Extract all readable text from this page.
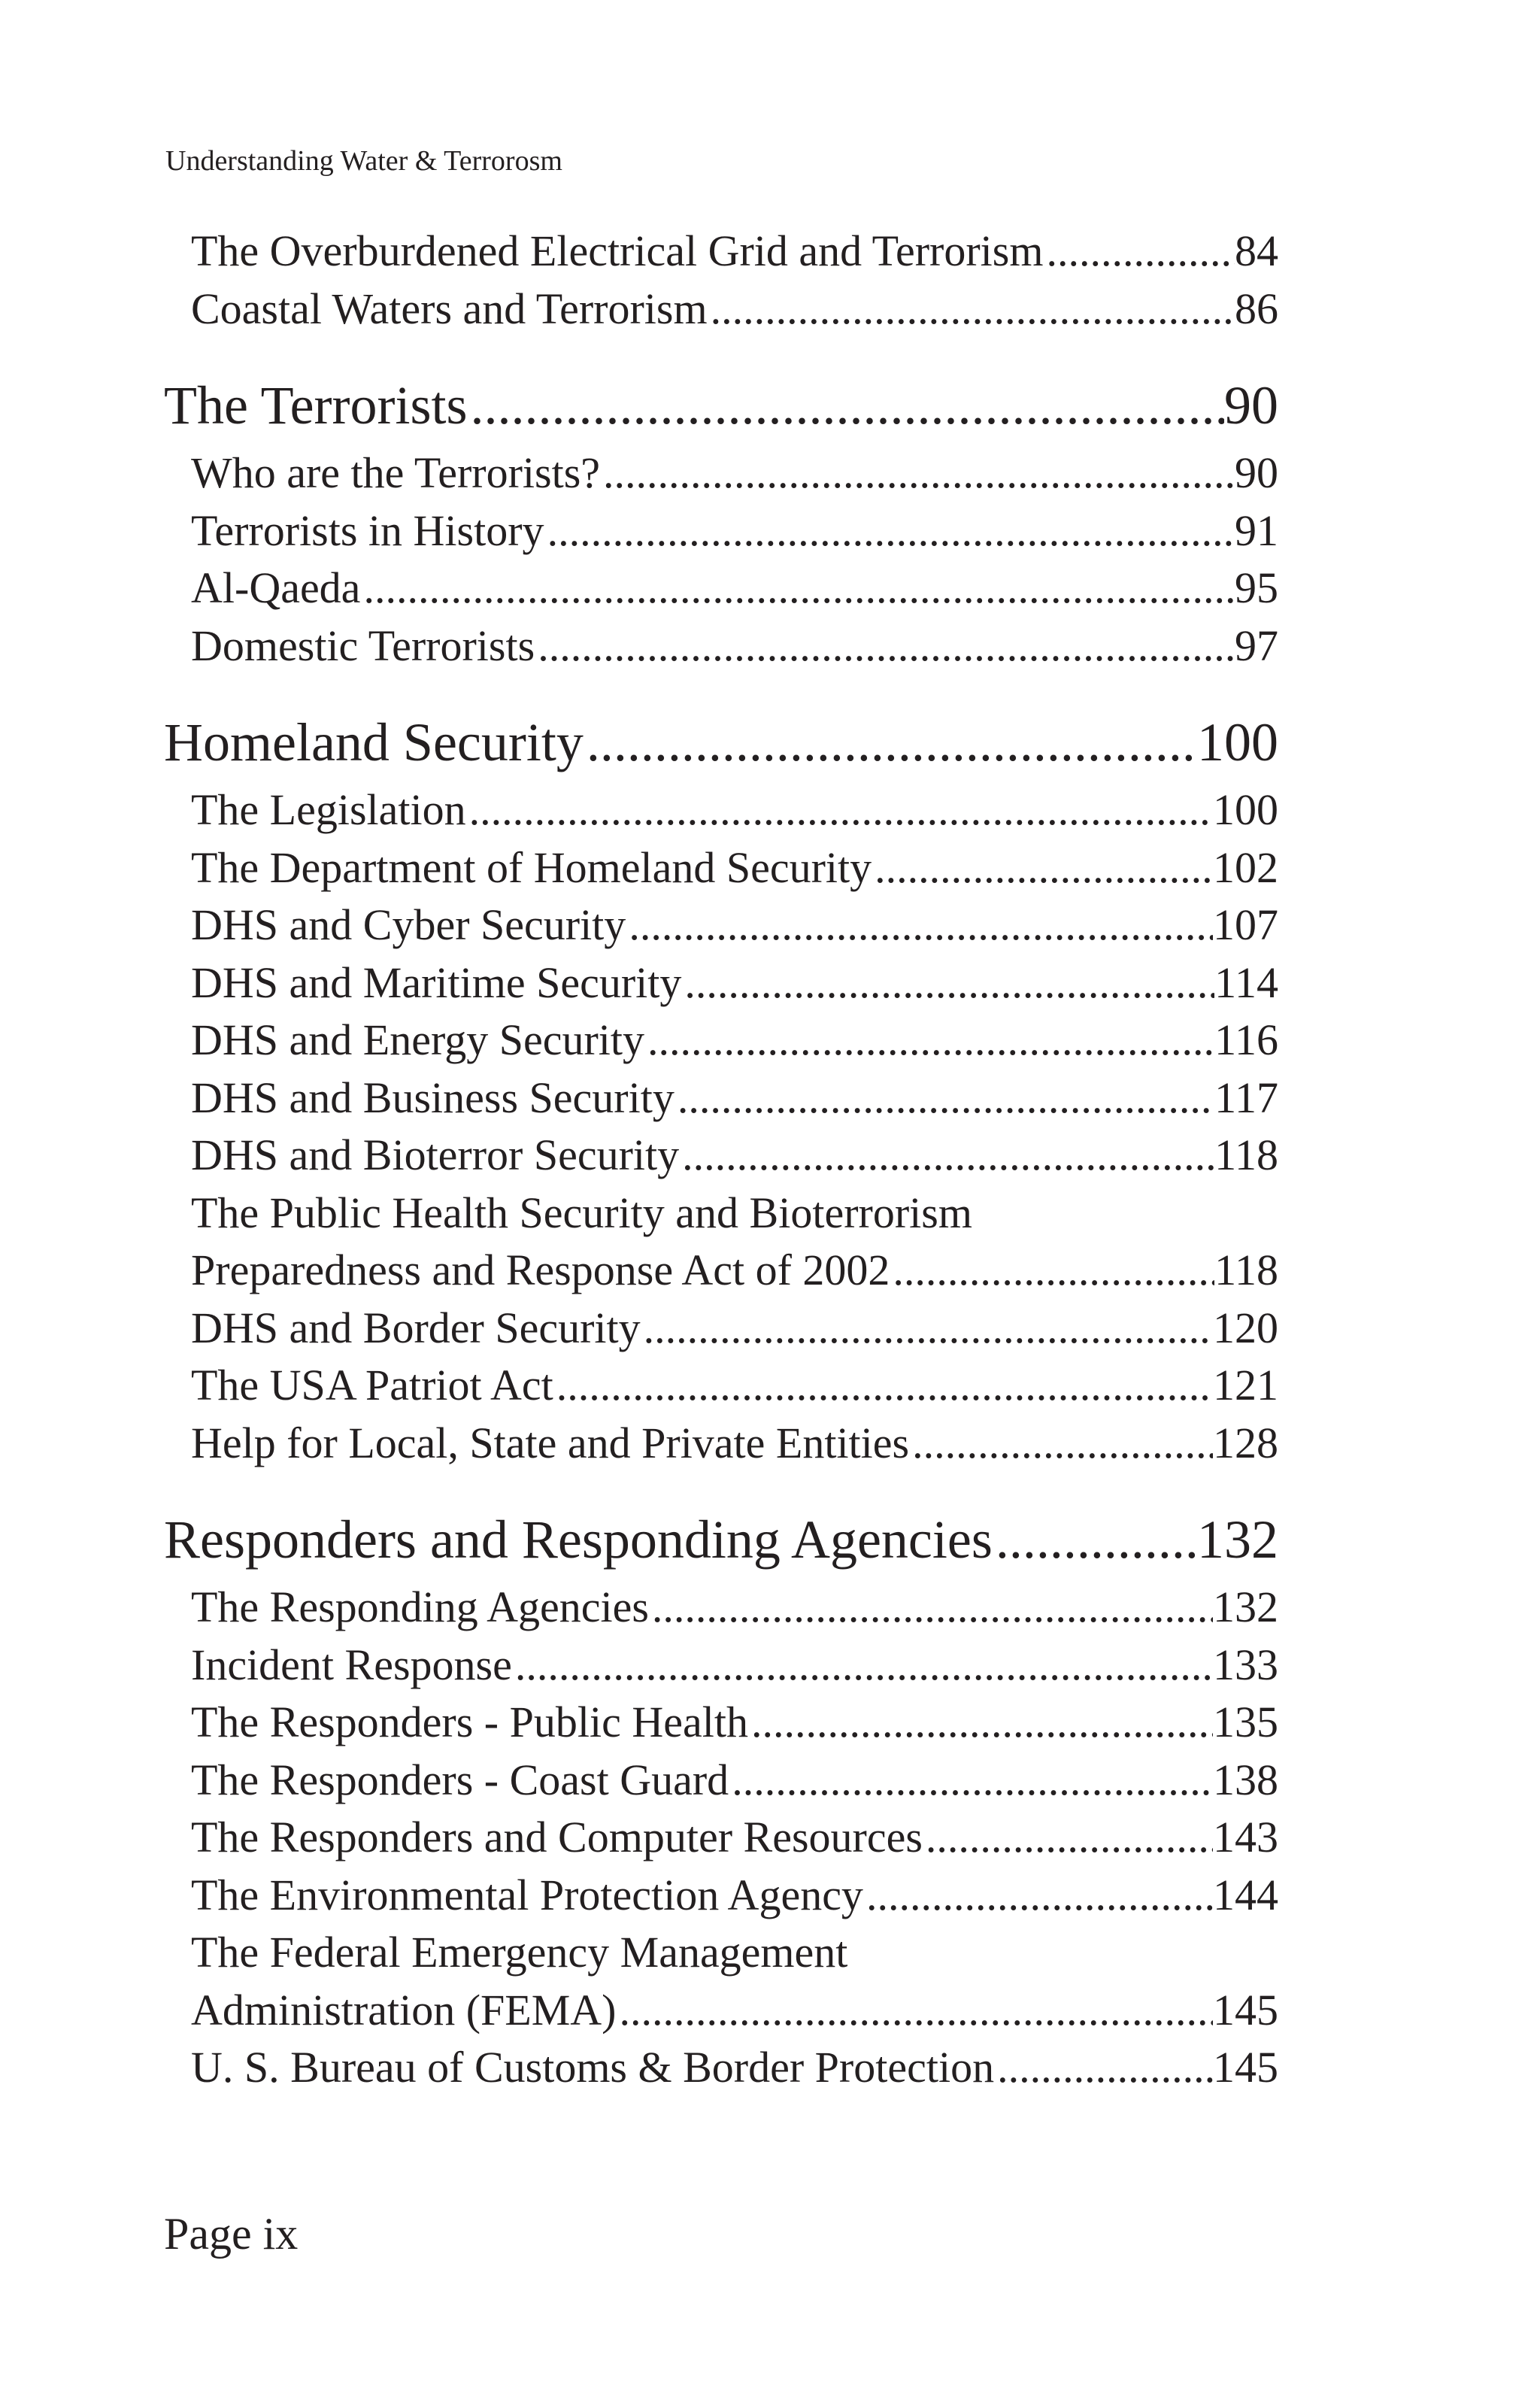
Understanding Water & Terrorosm
The Overburdened Electrical Grid and Terrorism .....	84
Coastal Waters and Terrorism .....	86
The Terrorists .....	90
Who are the Terrorists? .....	90
Terrorists in History .....	91
Al-Qaeda .....	95
Domestic Terrorists .....	97
Homeland Security .....	100
The Legislation .....	100
The Department of Homeland Security .....	102
DHS and Cyber Security .....	107
DHS and Maritime Security .....	114
DHS and Energy Security .....	116
DHS and Business Security .....	117
DHS and Bioterror Security .....	118
The Public Health Security and Bioterrorism
Preparedness and Response Act of 2002 .....	118
DHS and Border Security .....	120
The USA Patriot Act .....	121
Help for Local, State and Private Entities .....	128
Responders and Responding Agencies .....	132
The Responding Agencies .....	132
Incident Response .....	133
The Responders - Public Health .....	135
The Responders - Coast Guard .....	138
The Responders and Computer Resources .....	143
The Environmental Protection Agency .....	144
The Federal Emergency Management
Administration (FEMA) .....	145
U. S. Bureau of Customs & Border Protection .....	145
Page ix
